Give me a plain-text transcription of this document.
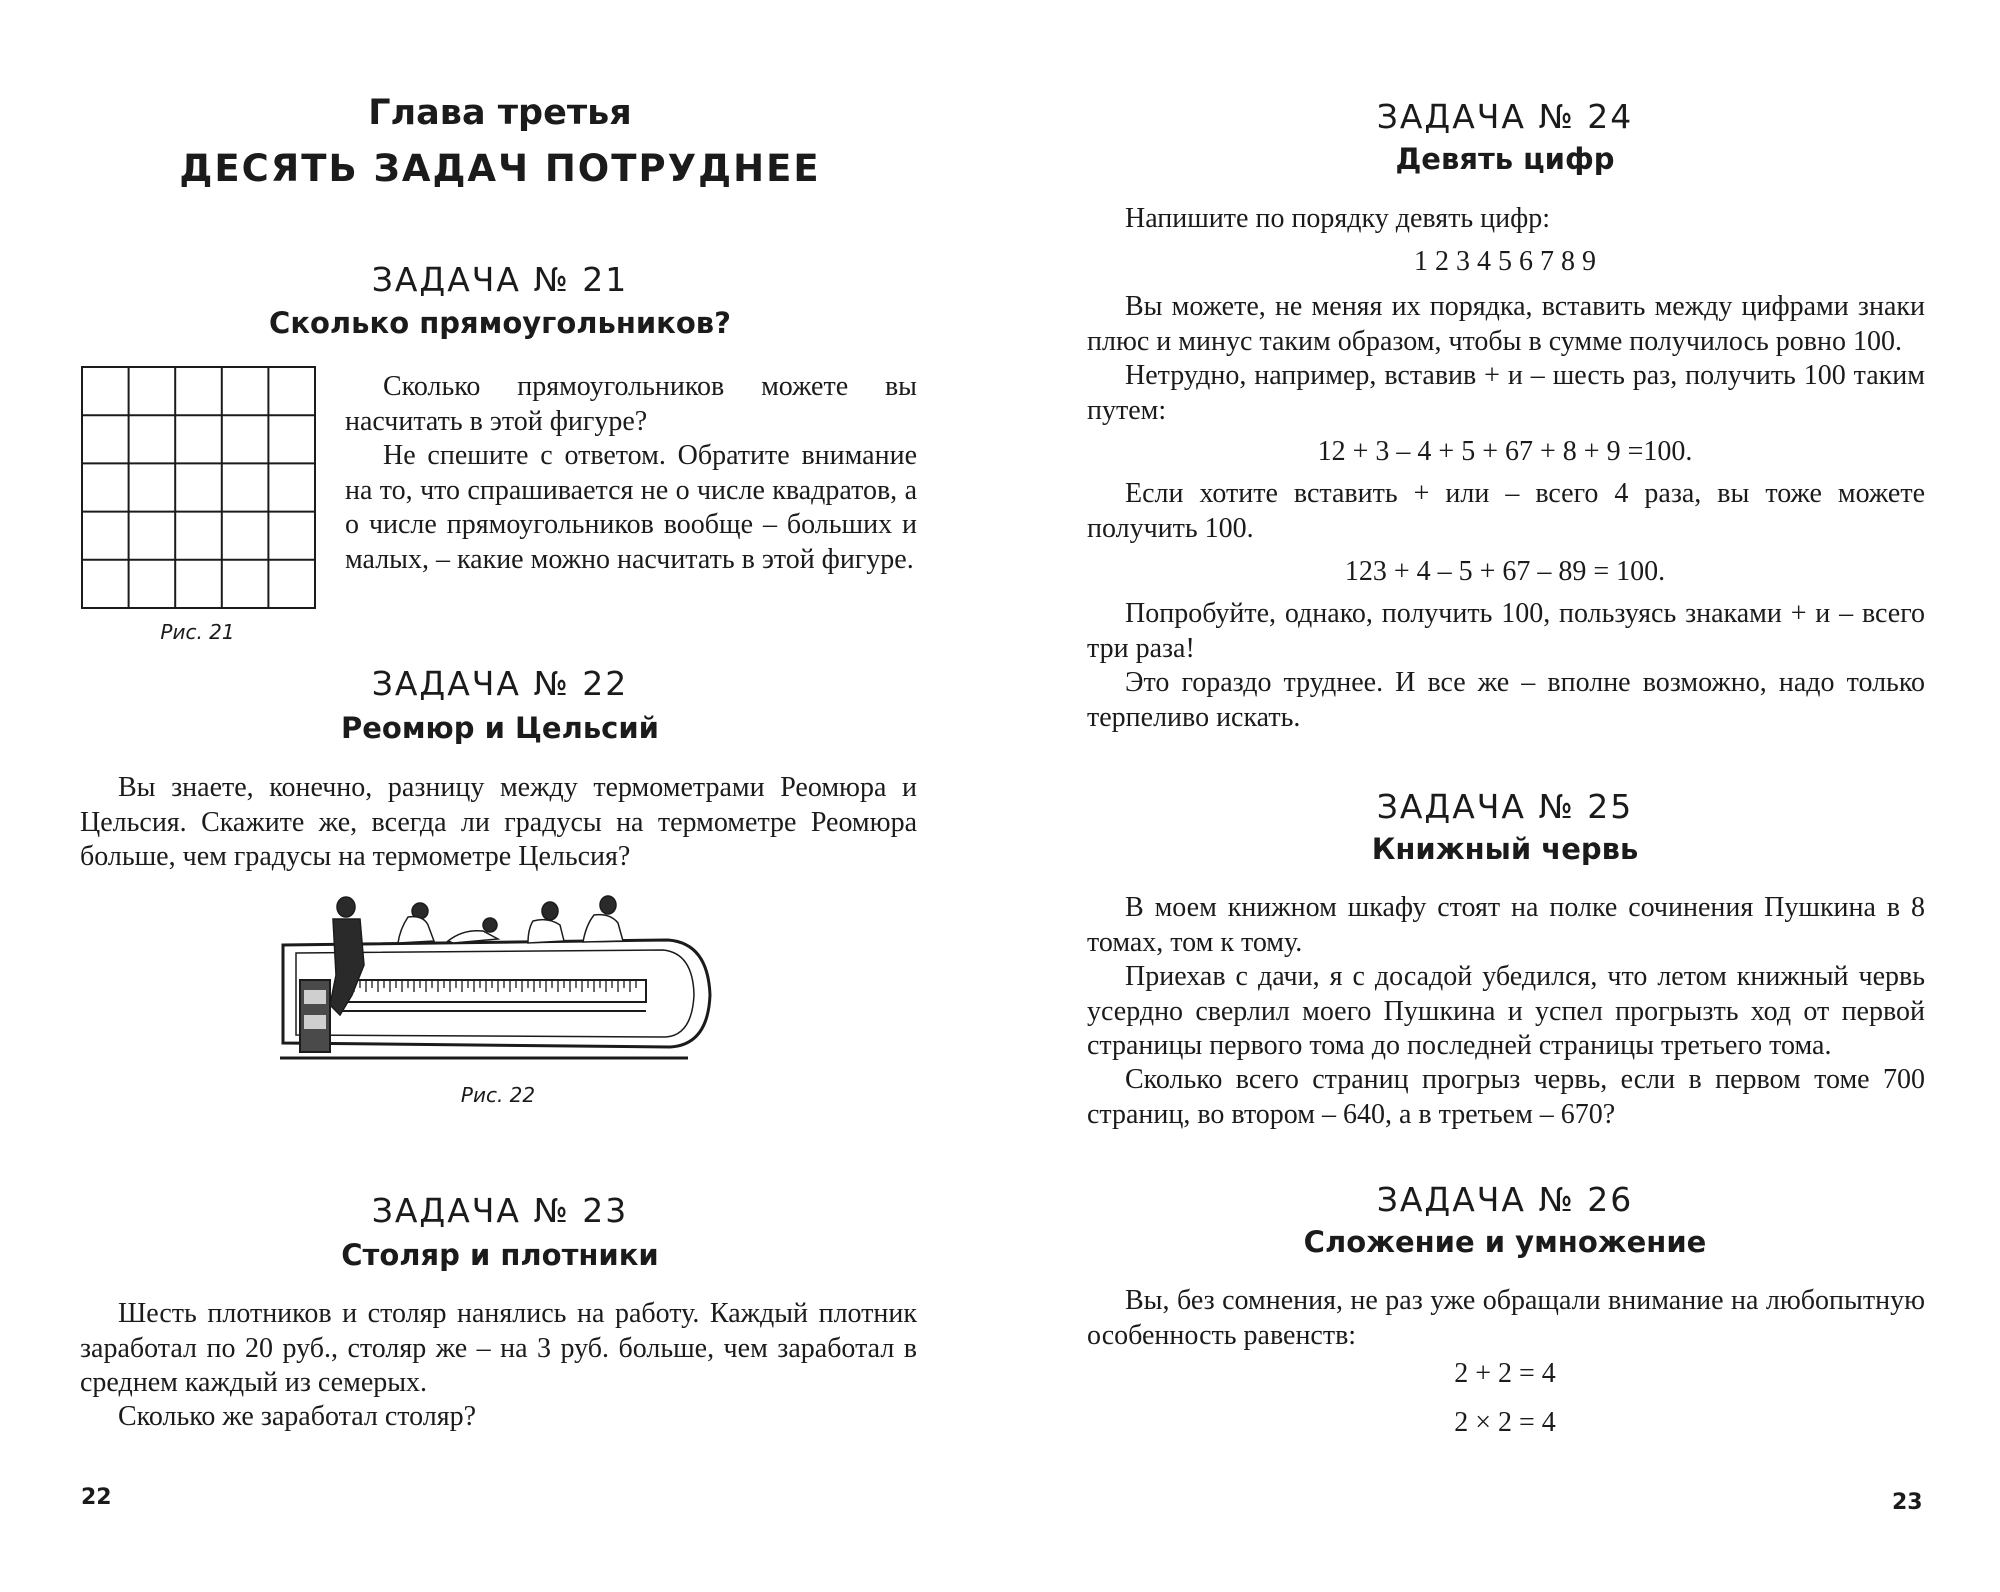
Глава третья
ДЕСЯТЬ ЗАДАЧ ПОТРУДНЕЕ
ЗАДАЧА № 21
Сколько прямоугольников?
Рис. 21

Сколько прямоугольников можете вы насчитать в этой фигуре?

Не спешите с ответом. Обратите внимание на то, что спрашивается не о числе квадратов, а о числе прямоугольников вообще – больших и малых, – какие можно насчитать в этой фигуре.

ЗАДАЧА № 22
Реомюр и Цельсий

Вы знаете, конечно, разницу между термометрами Реомюра и Цельсия. Скажите же, всегда ли градусы на термометре Реомюра больше, чем градусы на термометре Цельсия?

Рис. 22
ЗАДАЧА № 23
Столяр и плотники

Шесть плотников и столяр нанялись на работу. Каждый плотник заработал по 20 руб., столяр же – на 3 руб. больше, чем заработал в среднем каждый из семерых.

Сколько же заработал столяр?

22
ЗАДАЧА № 24
Девять цифр

Напишите по порядку девять цифр:

1 2 3 4 5 6 7 8 9

Вы можете, не меняя их порядка, вставить между цифрами знаки плюс и минус таким образом, чтобы в сумме получилось ровно 100.

Нетрудно, например, вставив + и – шесть раз, получить 100 таким путем:

12 + 3 – 4 + 5 + 67 + 8 + 9 =100.

Если хотите вставить + или – всего 4 раза, вы тоже можете получить 100.

123 + 4 – 5 + 67 – 89 = 100.

Попробуйте, однако, получить 100, пользуясь знаками + и – всего три раза!

Это гораздо труднее. И все же – вполне возможно, надо только терпеливо искать.

ЗАДАЧА № 25
Книжный червь

В моем книжном шкафу стоят на полке сочинения Пушкина в 8 томах, том к тому.

Приехав с дачи, я с досадой убедился, что летом книжный червь усердно сверлил моего Пушкина и успел прогрызть ход от первой страницы первого тома до последней страницы третьего тома.

Сколько всего страниц прогрыз червь, если в первом томе 700 страниц, во втором – 640, а в третьем – 670?

ЗАДАЧА № 26
Сложение и умножение

Вы, без сомнения, не раз уже обращали внимание на любопытную особенность равенств:

2 + 2 = 4
2 × 2 = 4
23
